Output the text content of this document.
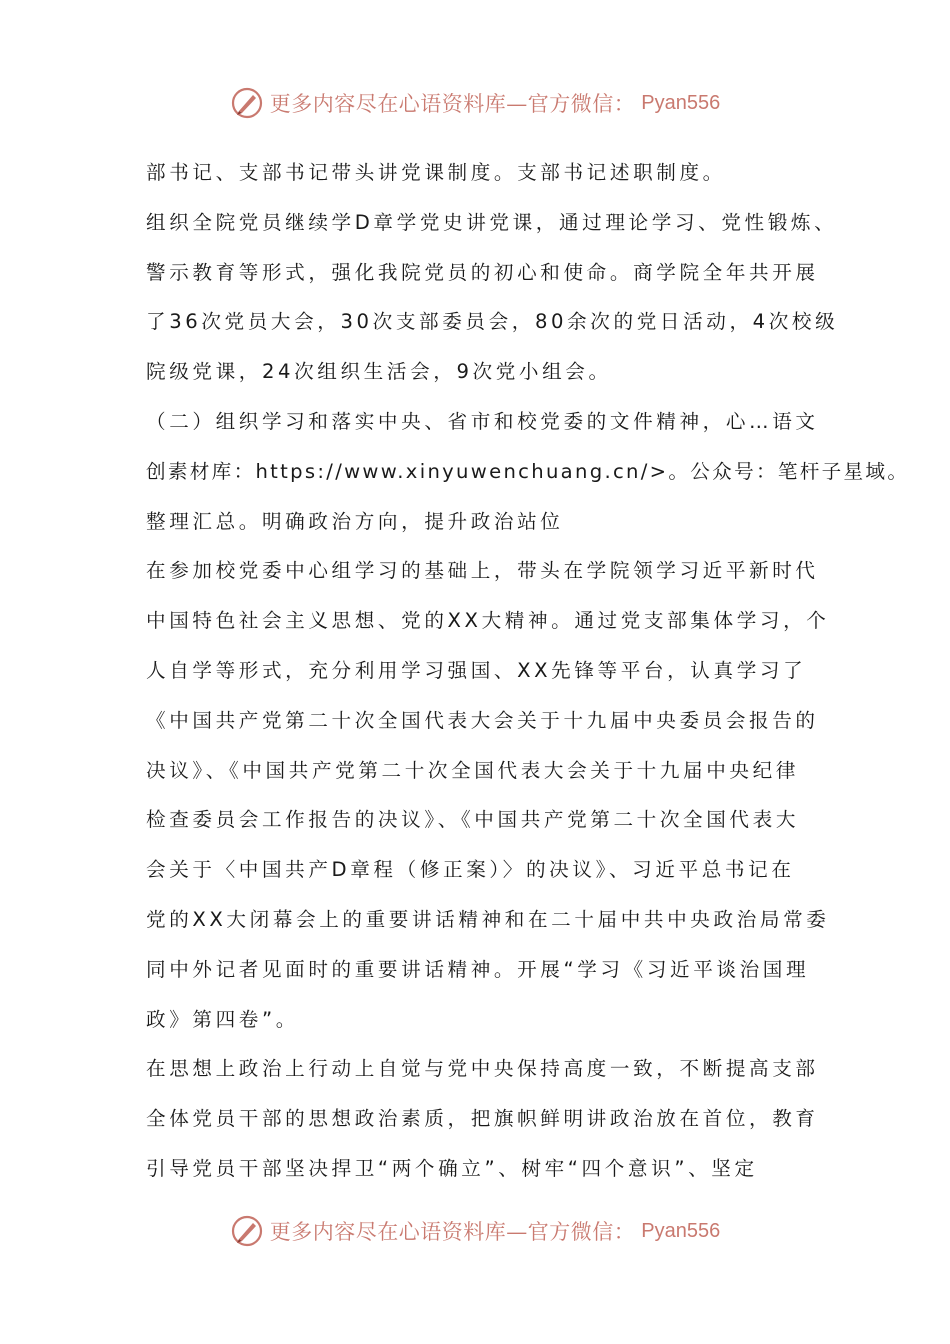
更多内容尽在心语资料库—官方微信： Pyan556
部书记、支部书记带头讲党课制度。支部书记述职制度。
组织全院党员继续学D章学党史讲党课，通过理论学习、党性锻炼、
警示教育等形式，强化我院党员的初心和使命。商学院全年共开展
了36次党员大会，30次支部委员会，80余次的党日活动，4次校级
院级党课，24次组织生活会，9次党小组会。
（二）组织学习和落实中央、省市和校党委的文件精神，心…语文
创素材库：https://www.xinyuwenchuang.cn/>。公众号：笔杆子星域。
整理汇总。明确政治方向，提升政治站位
在参加校党委中心组学习的基础上，带头在学院领学习近平新时代
中国特色社会主义思想、党的XX大精神。通过党支部集体学习，个
人自学等形式，充分利用学习强国、XX先锋等平台，认真学习了
《中国共产党第二十次全国代表大会关于十九届中央委员会报告的
决议》、《中国共产党第二十次全国代表大会关于十九届中央纪律
检查委员会工作报告的决议》、《中国共产党第二十次全国代表大
会关于〈中国共产D章程（修正案）〉的决议》、习近平总书记在
党的XX大闭幕会上的重要讲话精神和在二十届中共中央政治局常委
同中外记者见面时的重要讲话精神。开展“学习《习近平谈治国理
政》第四卷”。
在思想上政治上行动上自觉与党中央保持高度一致，不断提高支部
全体党员干部的思想政治素质，把旗帜鲜明讲政治放在首位，教育
引导党员干部坚决捍卫“两个确立”、树牢“四个意识”、坚定
更多内容尽在心语资料库—官方微信： Pyan556
